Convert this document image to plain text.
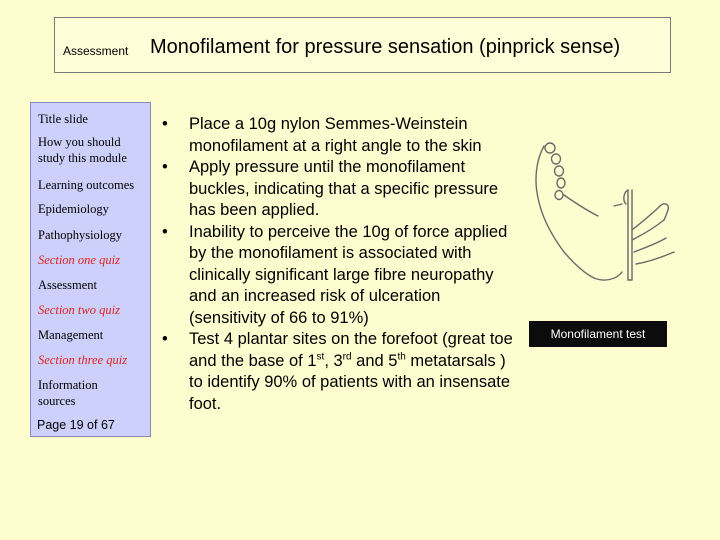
Assessment Monofilament for pressure sensation (pinprick sense)
Title slide
How you should study this module
Learning outcomes
Epidemiology
Pathophysiology
Section one quiz
Assessment
Section two quiz
Management
Section three quiz
Information sources
Page 19 of 67
• Place a 10g nylon Semmes-Weinstein monofilament at a right angle to the skin
• Apply pressure until the monofilament buckles, indicating that a specific pressure has been applied.
• Inability to perceive the 10g of force applied by the monofilament is associated with clinically significant large fibre neuropathy and an increased risk of ulceration (sensitivity of 66 to 91%)
• Test 4 plantar sites on the forefoot (great toe and the base of 1st, 3rd and 5th metatarsals ) to identify 90% of patients with an insensate foot.
Monofilament test
